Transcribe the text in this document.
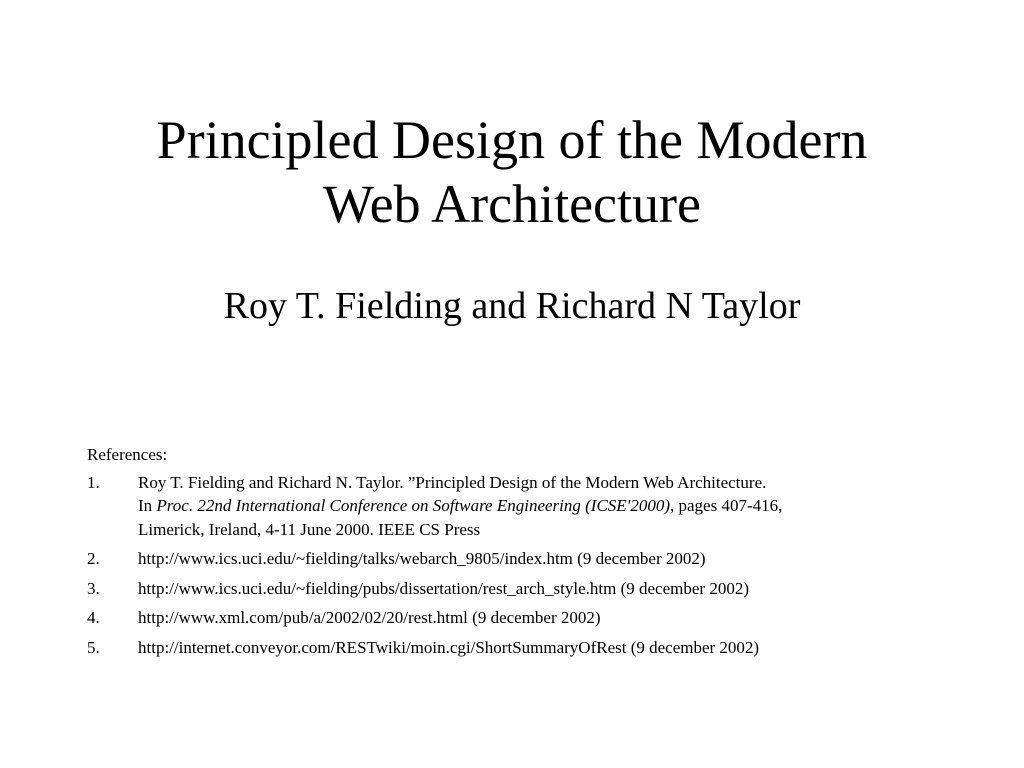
Principled Design of the Modern
Web Architecture
Roy T. Fielding and Richard N Taylor
References:
1. Roy T. Fielding and Richard N. Taylor. ”Principled Design of the Modern Web Architecture.
In Proc. 22nd International Conference on Software Engineering (ICSE'2000), pages 407-416,
Limerick, Ireland, 4-11 June 2000. IEEE CS Press
2. http://www.ics.uci.edu/~fielding/talks/webarch_9805/index.htm (9 december 2002)
3. http://www.ics.uci.edu/~fielding/pubs/dissertation/rest_arch_style.htm (9 december 2002)
4. http://www.xml.com/pub/a/2002/02/20/rest.html (9 december 2002)
5. http://internet.conveyor.com/RESTwiki/moin.cgi/ShortSummaryOfRest (9 december 2002)
